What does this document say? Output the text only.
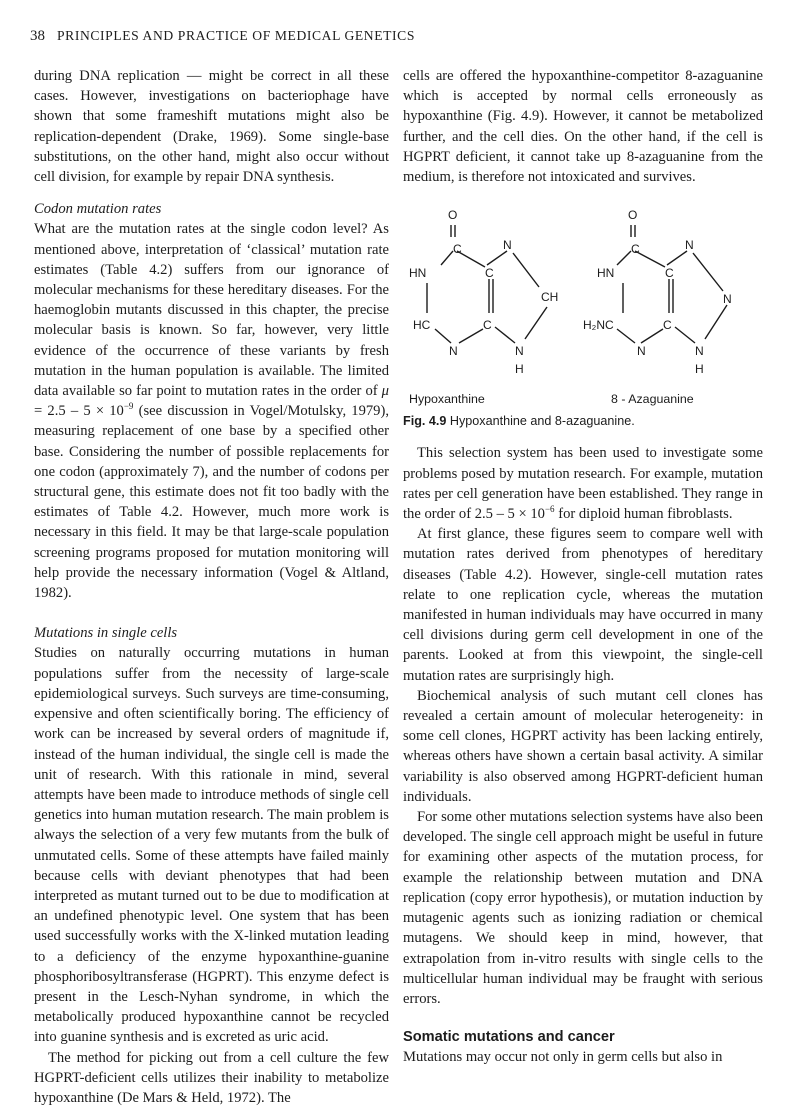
38 PRINCIPLES AND PRACTICE OF MEDICAL GENETICS

during DNA replication — might be correct in all these cases. However, investigations on bacteriophage have shown that some frameshift mutations might also be replication-dependent (Drake, 1969). Some single-base substitutions, on the other hand, might also occur without cell division, for example by repair DNA synthesis.

Codon mutation rates

What are the mutation rates at the single codon level? As mentioned above, interpretation of ‘classical’ mutation rate estimates (Table 4.2) suffers from our ignorance of molecular mechanisms for these hereditary diseases. For the haemoglobin mutants discussed in this chapter, the precise molecular basis is known. So far, however, very little evidence of the occurrence of these variants by fresh mutation in the human population is available. The limited data available so far point to mutation rates in the order of $\mu = 2.5 - 5 \times 10^{-9}$ (see discussion in Vogel/Motulsky, 1979), measuring replacement of one base by a specified other base. Considering the number of possible replacements for one codon (approximately 7), and the number of codons per structural gene, this estimate does not fit too badly with the estimates of Table 4.2. However, much more work is necessary in this field. It may be that large-scale population screening programs proposed for mutation monitoring will help provide the necessary information (Vogel & Altland, 1982).

Mutations in single cells

Studies on naturally occurring mutations in human populations suffer from the necessity of large-scale epidemiological surveys. Such surveys are time-consuming, expensive and often scientifically boring. The efficiency of work can be increased by several orders of magnitude if, instead of the human individual, the single cell is made the unit of research. With this rationale in mind, several attempts have been made to introduce methods of single cell genetics into human mutation research. The main problem is always the selection of a very few mutants from the bulk of unmutated cells. Some of these attempts have failed mainly because cells with deviant phenotypes that had been interpreted as mutant turned out to be due to modification at an undefined phenotypic level. One system that has been used successfully works with the X-linked mutation leading to a deficiency of the enzyme hypoxanthine-guanine phosphoribosyltransferase (HGPRT). This enzyme defect is present in the Lesch-Nyhan syndrome, in which the metabolically produced hypoxanthine cannot be recycled into guanine synthesis and is excreted as uric acid.

The method for picking out from a cell culture the few HGPRT-deficient cells utilizes their inability to metabolize hypoxanthine (De Mars & Held, 1972). The

cells are offered the hypoxanthine-competitor 8-azaguanine which is accepted by normal cells erroneously as hypoxanthine (Fig. 4.9). However, it cannot be metabolized further, and the cell dies. On the other hand, if the cell is HGPRT deficient, it cannot take up 8-azaguanine from the medium, is therefore not intoxicated and survives.

O
C	N
HN	C
CH
HC	C
N	N
H
O
C	N
HN	C
N
H₂NC	C
N	N
H
Hypoxanthine	8 - Azaguanine

Fig. 4.9 Hypoxanthine and 8-azaguanine.

This selection system has been used to investigate some problems posed by mutation research. For example, mutation rates per cell generation have been established. They range in the order of $2.5 - 5 \times 10^{-6}$ for diploid human fibroblasts.

At first glance, these figures seem to compare well with mutation rates derived from phenotypes of hereditary diseases (Table 4.2). However, single-cell mutation rates relate to one replication cycle, whereas the mutation manifested in human individuals may have occurred in many cell divisions during germ cell development in one of the parents. Looked at from this viewpoint, the single-cell mutation rates are surprisingly high.

Biochemical analysis of such mutant cell clones has revealed a certain amount of molecular heterogeneity: in some cell clones, HGPRT activity has been lacking entirely, whereas others have shown a certain basal activity. A similar variability is also observed among HGPRT-deficient human individuals.

For some other mutations selection systems have also been developed. The single cell approach might be useful in future for examining other aspects of the mutation process, for example the relationship between mutation and DNA replication (copy error hypothesis), or mutation induction by mutagenic agents such as ionizing radiation or chemical mutagens. We should keep in mind, however, that extrapolation from in-vitro results with single cells to the multicellular human individual may be fraught with serious errors.

Somatic mutations and cancer

Mutations may occur not only in germ cells but also in
